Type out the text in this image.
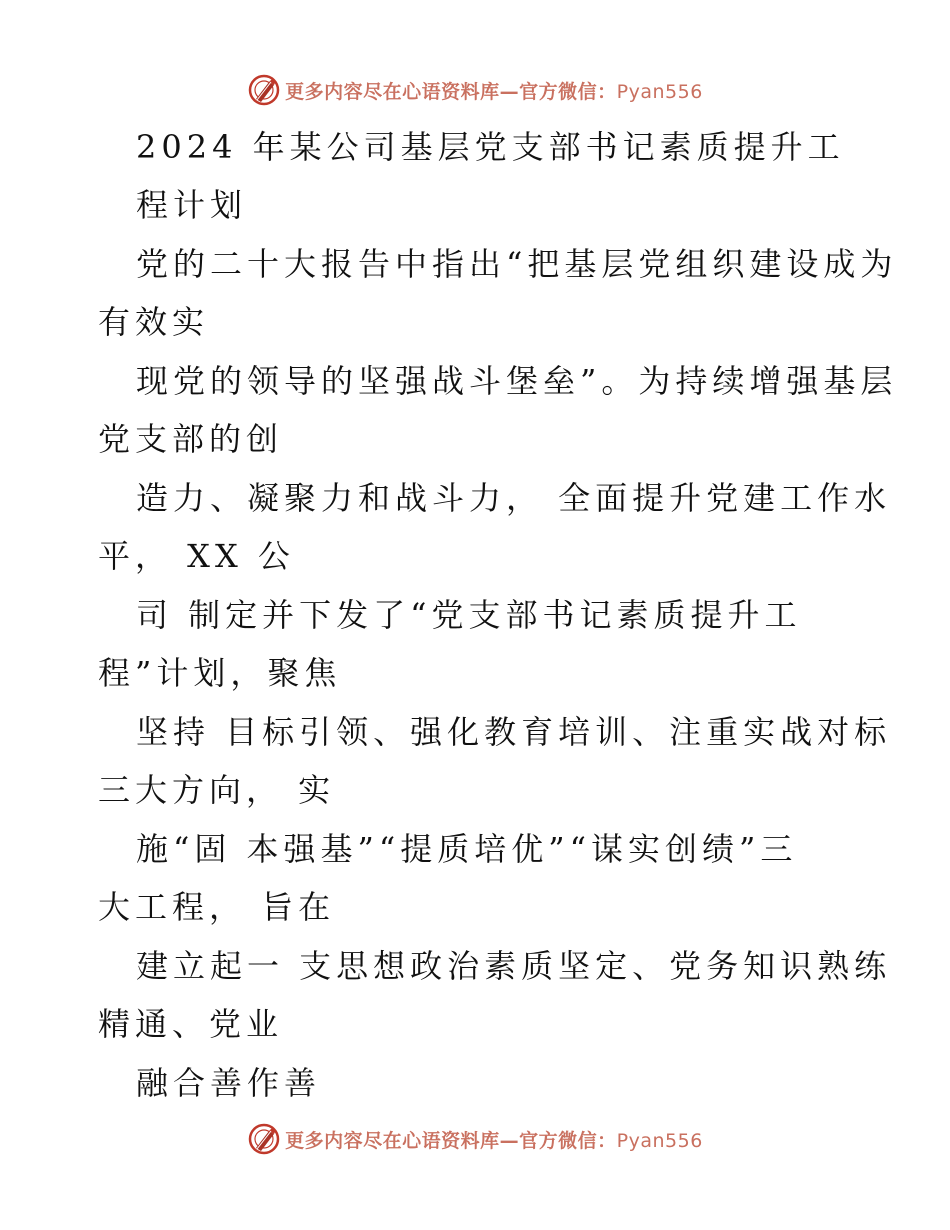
更多内容尽在心语资料库—官方微信：Pyan556
2024 年某公司基层党支部书记素质提升工
程计划
党的二十大报告中指出“把基层党组织建设成为
有效实
现党的领导的坚强战斗堡垒”。为持续增强基层
党支部的创
造力、凝聚力和战斗力， 全面提升党建工作水
平， XX 公
司 制定并下发了“党支部书记素质提升工
程”计划，聚焦
坚持 目标引领、强化教育培训、注重实战对标
三大方向， 实
施“固 本强基”“提质培优”“谋实创绩”三
大工程， 旨在
建立起一 支思想政治素质坚定、党务知识熟练
精通、党业
融合善作善
更多内容尽在心语资料库—官方微信：Pyan556
